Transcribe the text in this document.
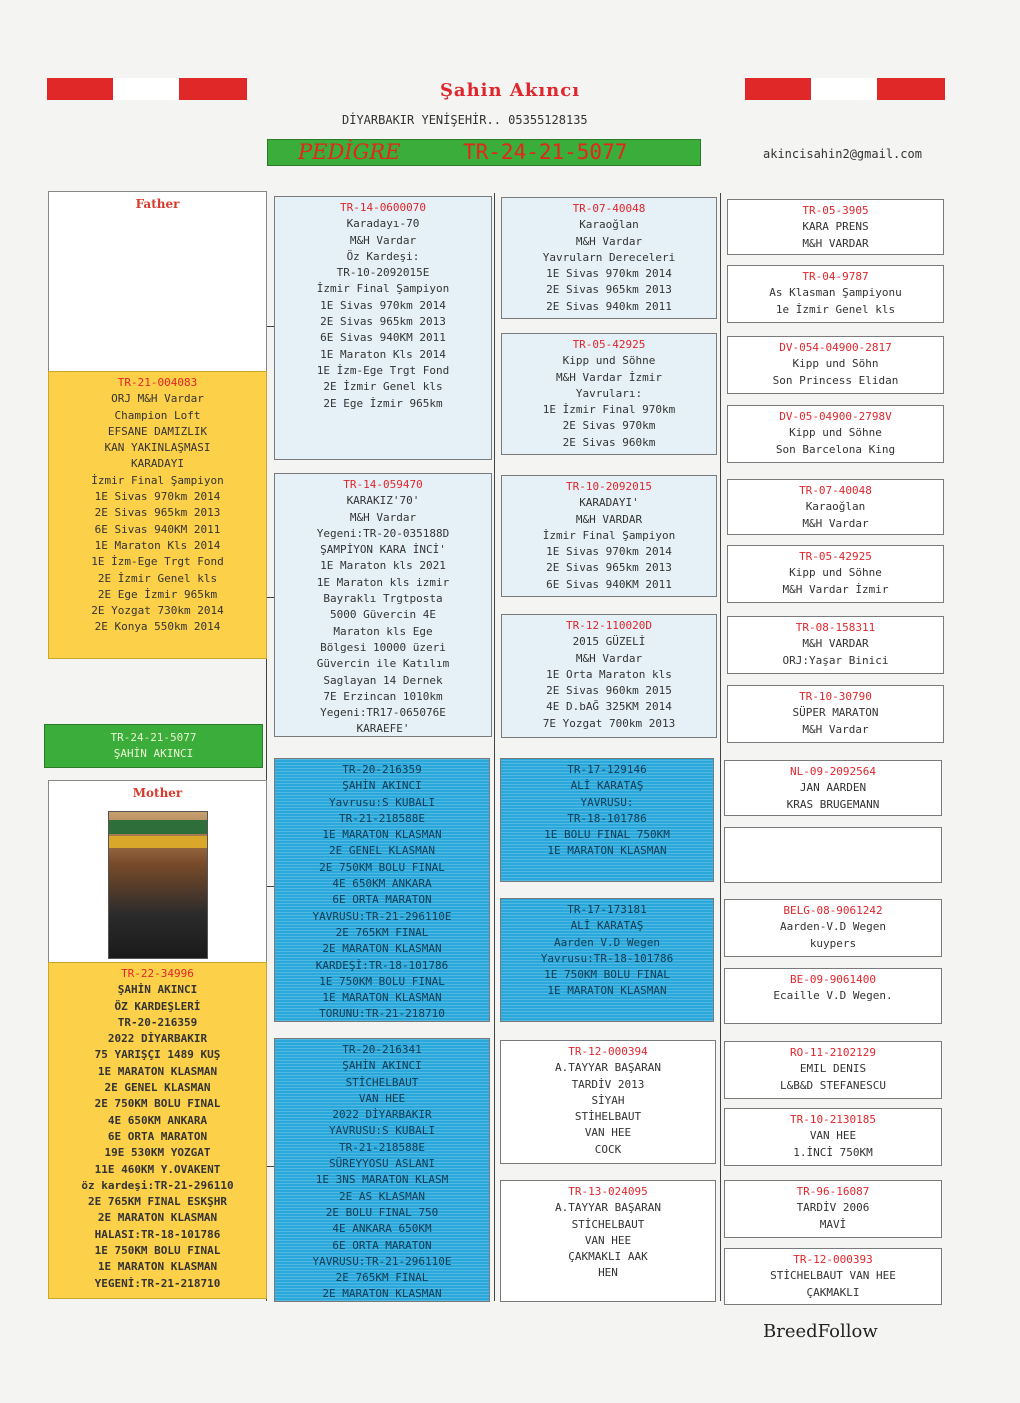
Şahin Akıncı
DİYARBAKIR YENİŞEHİR.. 05355128135
PEDİGRE	TR-24-21-5077	akincisahin2@gmail.com
Father
TR-21-004083
ORJ M&H Vardar
Champion Loft
EFSANE DAMIZLIK
KAN YAKINLAŞMASI
KARADAYI
İzmir Final Şampiyon
1E Sivas 970km 2014
2E Sivas 965km 2013
6E Sivas 940KM 2011
1E Maraton Kls 2014
1E İzm-Ege Trgt Fond
2E İzmir Genel kls
2E Ege İzmir 965km
2E Yozgat 730km 2014
2E Konya 550km 2014
TR-24-21-5077
ŞAHİN AKINCI
Mother
TR-22-34996
ŞAHİN AKINCI
ÖZ KARDEŞLERİ
TR-20-216359
2022 DİYARBAKIR
75 YARIŞÇI 1489 KUŞ
1E MARATON KLASMAN
2E GENEL KLASMAN
2E 750KM BOLU FINAL
4E 650KM ANKARA
6E ORTA MARATON
19E 530KM YOZGAT
11E 460KM Y.OVAKENT
öz kardeşi:TR-21-296110
2E 765KM FINAL ESKŞHR
2E MARATON KLASMAN
HALASI:TR-18-101786
1E 750KM BOLU FINAL
1E MARATON KLASMAN
YEGENİ:TR-21-218710
TR-14-0600070
Karadayı-70
M&H Vardar
Öz Kardeşi:
TR-10-2092015E
İzmir Final Şampiyon
1E Sivas 970km 2014
2E Sivas 965km 2013
6E Sivas 940KM 2011
1E Maraton Kls 2014
1E İzm-Ege Trgt Fond
2E İzmir Genel kls
2E Ege İzmir 965km
TR-14-059470
KARAKIZ'70'
M&H Vardar
Yegeni:TR-20-035188D
ŞAMPİYON KARA İNCİ'
1E Maraton kls 2021
1E Maraton kls izmir
Bayraklı Trgtposta
5000 Güvercin 4E
Maraton kls Ege
Bölgesi 10000 üzeri
Güvercin ile Katılım
Saglayan 14 Dernek
7E Erzincan 1010km
Yegeni:TR17-065076E
KARAEFE'
TR-20-216359
ŞAHİN AKINCI
Yavrusu:S KUBALI
TR-21-218588E
1E MARATON KLASMAN
2E GENEL KLASMAN
2E 750KM BOLU FINAL
4E 650KM ANKARA
6E ORTA MARATON
YAVRUSU:TR-21-296110E
2E 765KM FINAL
2E MARATON KLASMAN
KARDEŞİ:TR-18-101786
1E 750KM BOLU FINAL
1E MARATON KLASMAN
TORUNU:TR-21-218710
TR-20-216341
ŞAHİN AKINCI
STİCHELBAUT
VAN HEE
2022 DİYARBAKIR
YAVRUSU:S KUBALI
TR-21-218588E
SÜREYYOSU ASLANI
1E 3NS MARATON KLASM
2E AS KLASMAN
2E BOLU FINAL 750
4E ANKARA 650KM
6E ORTA MARATON
YAVRUSU:TR-21-296110E
2E 765KM FINAL
2E MARATON KLASMAN
TR-07-40048
Karaoğlan
M&H Vardar
Yavrularn Dereceleri
1E Sivas 970km 2014
2E Sivas 965km 2013
2E Sivas 940km 2011
TR-05-42925
Kipp und Söhne
M&H Vardar İzmir
Yavruları:
1E İzmir Final 970km
2E Sivas 970km
2E Sivas 960km
TR-10-2092015
KARADAYI'
M&H VARDAR
İzmir Final Şampiyon
1E Sivas 970km 2014
2E Sivas 965km 2013
6E Sivas 940KM 2011
TR-12-110020D
2015 GÜZELİ
M&H Vardar
1E Orta Maraton kls
2E Sivas 960km 2015
4E D.bAĞ 325KM 2014
7E Yozgat 700km 2013
TR-17-129146
ALİ KARATAŞ
YAVRUSU:
TR-18-101786
1E BOLU FINAL 750KM
1E MARATON KLASMAN
TR-17-173181
ALİ KARATAŞ
Aarden V.D Wegen
Yavrusu:TR-18-101786
1E 750KM BOLU FINAL
1E MARATON KLASMAN
TR-12-000394
A.TAYYAR BAŞARAN
TARDİV 2013
SİYAH
STİHELBAUT
VAN HEE
COCK
TR-13-024095
A.TAYYAR BAŞARAN
STİCHELBAUT
VAN HEE
ÇAKMAKLI AAK
HEN
TR-05-3905
KARA PRENS
M&H VARDAR
TR-04-9787
As Klasman Şampiyonu
1e İzmir Genel kls
DV-054-04900-2817
Kipp und Söhn
Son Princess Elidan
DV-05-04900-2798V
Kipp und Söhne
Son Barcelona King
TR-07-40048
Karaoğlan
M&H Vardar
TR-05-42925
Kipp und Söhne
M&H Vardar İzmir
TR-08-158311
M&H VARDAR
ORJ:Yaşar Binici
TR-10-30790
SÜPER MARATON
M&H Vardar
NL-09-2092564
JAN AARDEN
KRAS BRUGEMANN
BELG-08-9061242
Aarden-V.D Wegen
kuypers
BE-09-9061400
Ecaille V.D Wegen.
RO-11-2102129
EMIL DENIS
L&B&D STEFANESCU
TR-10-2130185
VAN HEE
1.İNCİ 750KM
TR-96-16087
TARDİV 2006
MAVİ
TR-12-000393
STİCHELBAUT VAN HEE
ÇAKMAKLI
BreedFollow
